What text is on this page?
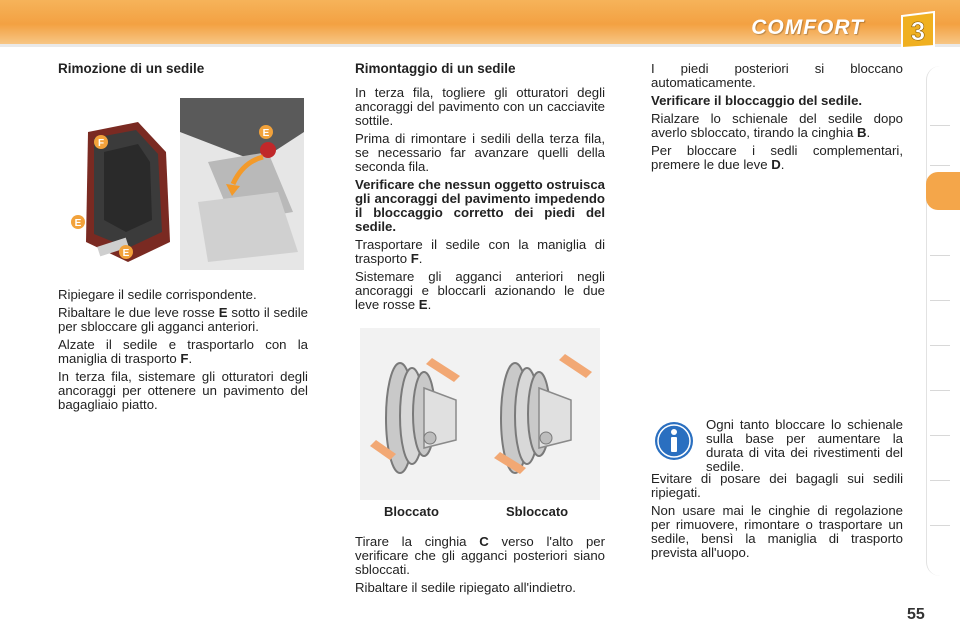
COMFORT 3
Rimozione di un sedile
F
E
E
E

Ripiegare il sedile corrispondente.

Ribaltare le due leve rosse E sotto il sedile per sbloccare gli agganci anteriori.

Alzate il sedile e trasportarlo con la maniglia di trasporto F.

In terza fila, sistemare gli otturatori degli ancoraggi per ottenere un pavimento del bagagliaio piatto.

Rimontaggio di un sedile

In terza fila, togliere gli otturatori degli ancoraggi del pavimento con un cacciavite sottile.

Prima di rimontare i sedili della terza fila, se necessario far avanzare quelli della seconda fila.

Verificare che nessun oggetto ostruisca gli ancoraggi del pavimento impedendo il bloccaggio corretto dei piedi del sedile.

Trasportare il sedile con la maniglia di trasporto F.

Sistemare gli agganci anteriori negli ancoraggi e bloccarli azionando le due leve rosse E.

Bloccato	Sbloccato

Tirare la cinghia C verso l'alto per verificare che gli agganci posteriori siano sbloccati.

Ribaltare il sedile ripiegato all'indietro.

I piedi posteriori si bloccano automaticamente.

Verificare il bloccaggio del sedile.

Rialzare lo schienale del sedile dopo averlo sbloccato, tirando la cinghia B.

Per bloccare i sedli complementari, premere le due leve D.

Ogni tanto bloccare lo schienale sulla base per aumentare la durata di vita dei rivestimenti del sedile.

Evitare di posare dei bagagli sui sedili ripiegati.

Non usare mai le cinghie di regolazione per rimuovere, rimontare o trasportare un sedile, bensì la maniglia di trasporto prevista all'uopo.

55
